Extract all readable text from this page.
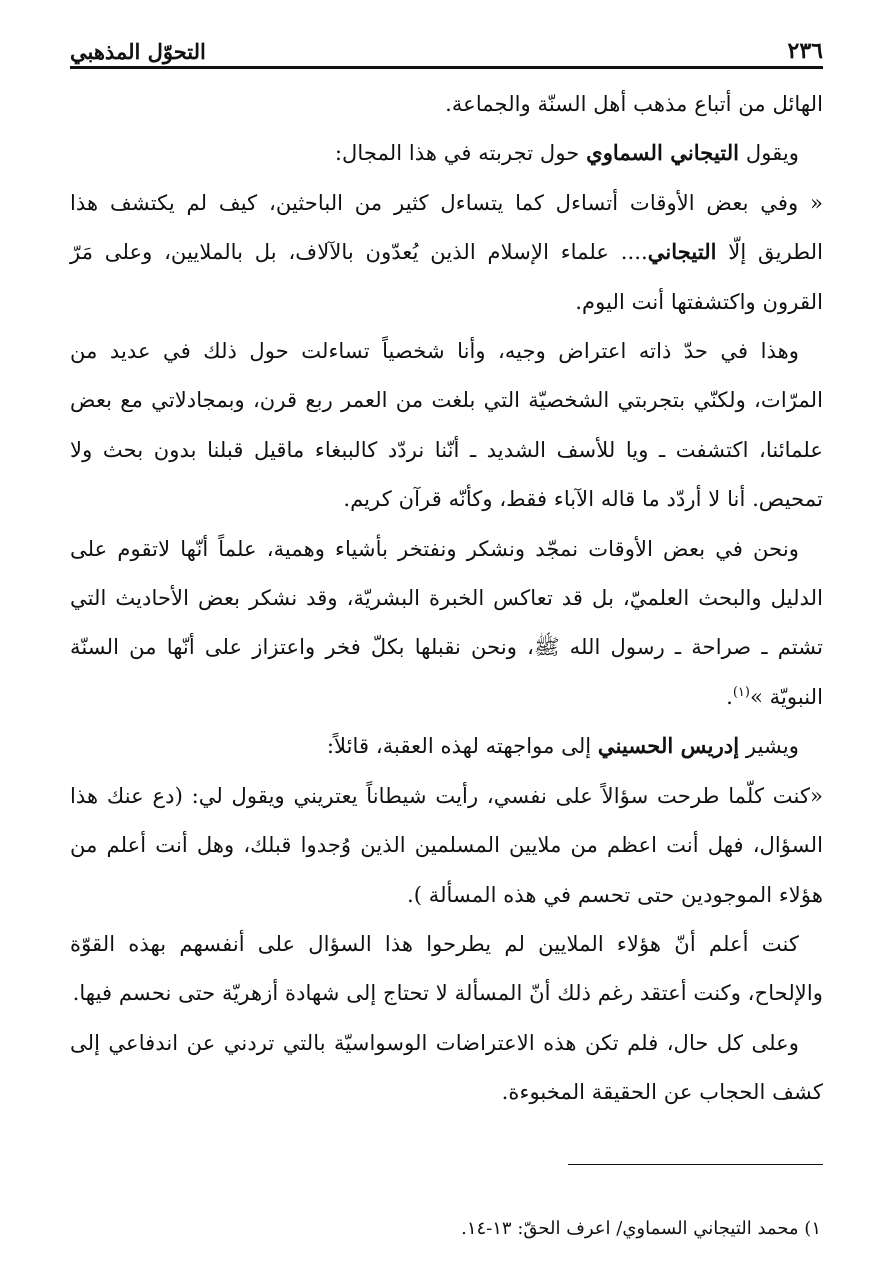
٢٣٦
التحوّل المذهبي

الهائل من أتباع مذهب أهل السنّة والجماعة.

ويقول التيجاني السماوي حول تجربته في هذا المجال:

« وفي بعض الأوقات أتساءل كما يتساءل كثير من الباحثين، كيف لم يكتشف هذا الطريق إلّا التيجاني.... علماء الإسلام الذين يُعدّون بالآلاف، بل بالملايين، وعلى مَرّ القرون واكتشفتها أنت اليوم.

وهذا في حدّ ذاته اعتراض وجيه، وأنا شخصياً تساءلت حول ذلك في عديد من المرّات، ولكنّي بتجربتي الشخصيّة التي بلغت من العمر ربع قرن، وبمجادلاتي مع بعض علمائنا، اكتشفت ـ ويا للأسف الشديد ـ أنّنا نردّد كالببغاء ماقيل قبلنا بدون بحث ولا تمحيص. أنا لا أردّد ما قاله الآباء فقط، وكأنّه قرآن كريم.

ونحن في بعض الأوقات نمجّد ونشكر ونفتخر بأشياء وهمية، علماً أنّها لاتقوم على الدليل والبحث العلميّ، بل قد تعاكس الخبرة البشريّة، وقد نشكر بعض الأحاديث التي تشتم ـ صراحة ـ رسول الله ﷺ، ونحن نقبلها بكلّ فخر واعتزاز على أنّها من السنّة النبويّة »$^{(١)}$.

ويشير إدريس الحسيني إلى مواجهته لهذه العقبة، قائلاً:

«كنت كلّما طرحت سؤالاً على نفسي، رأيت شيطاناً يعتريني ويقول لي: (دع عنك هذا السؤال، فهل أنت اعظم من ملايين المسلمين الذين وُجدوا قبلك، وهل أنت أعلم من هؤلاء الموجودين حتى تحسم في هذه المسألة ).

كنت أعلم أنّ هؤلاء الملايين لم يطرحوا هذا السؤال على أنفسهم بهذه القوّة والإلحاح، وكنت أعتقد رغم ذلك أنّ المسألة لا تحتاج إلى شهادة أزهريّة حتى نحسم فيها.

وعلى كل حال، فلم تكن هذه الاعتراضات الوسواسيّة بالتي تردني عن اندفاعي إلى كشف الحجاب عن الحقيقة المخبوءة.

١) محمد التيجاني السماوي/ اعرف الحقّ: ١٣-١٤.
